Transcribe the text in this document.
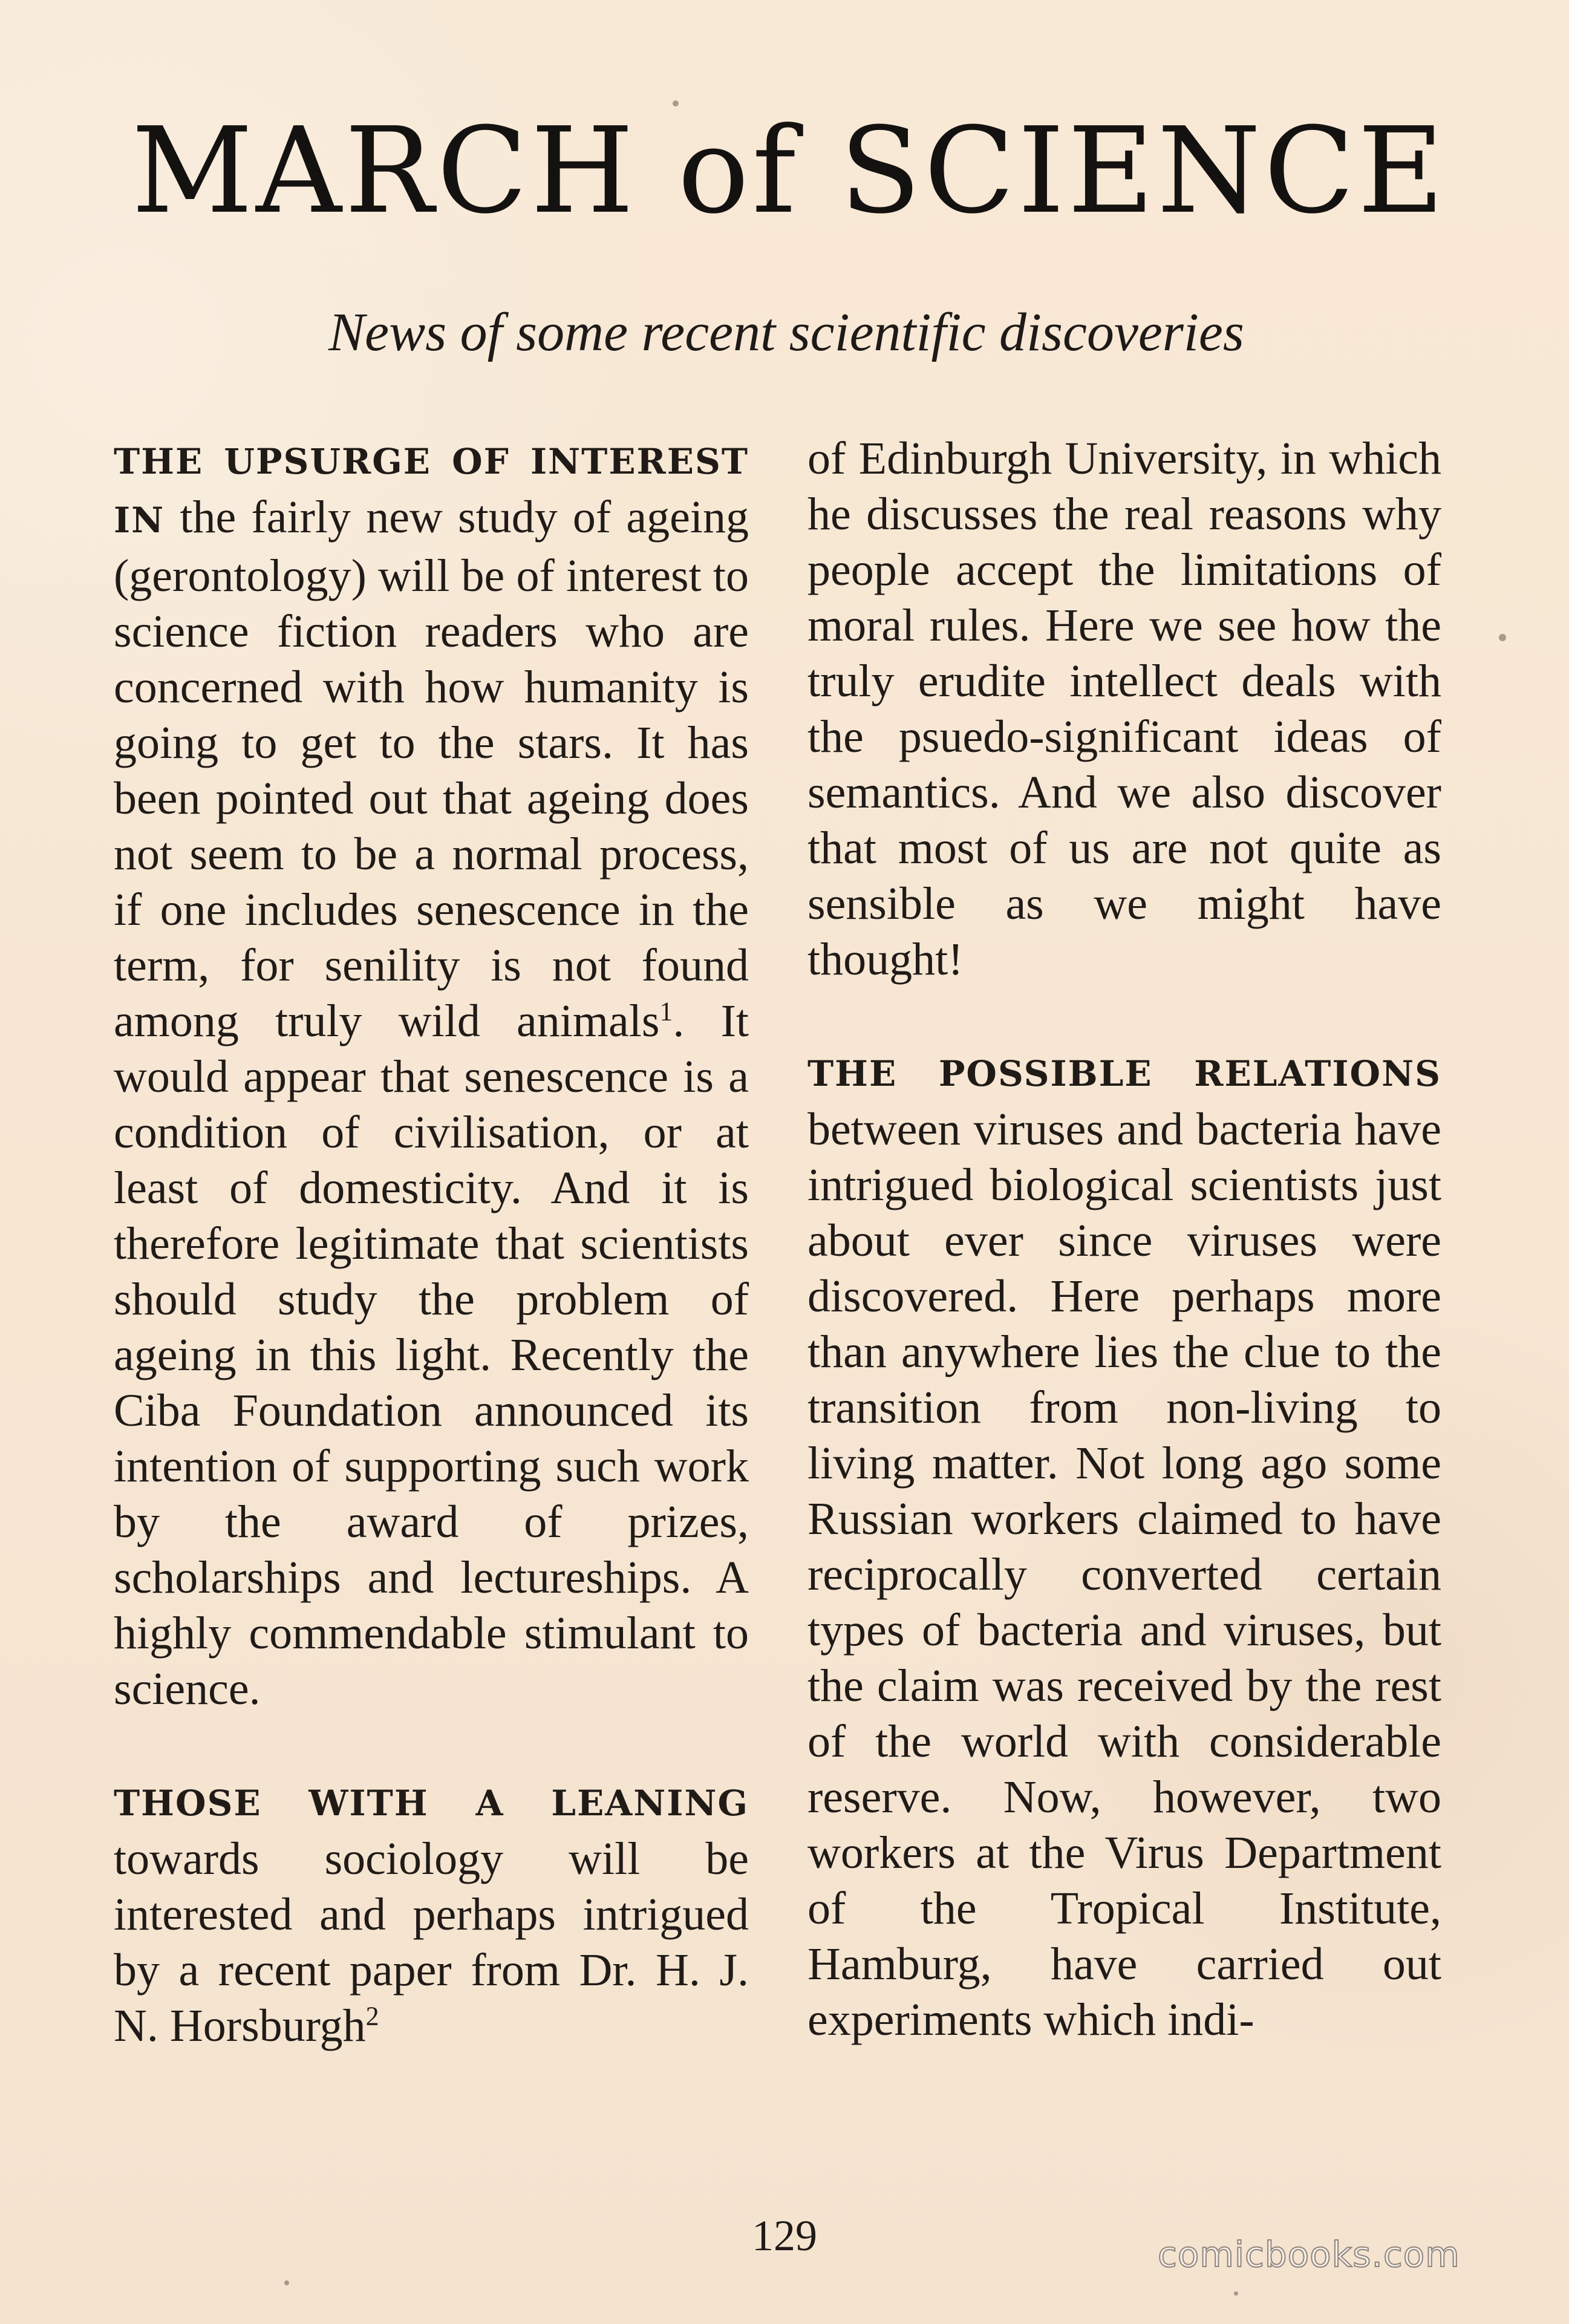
MARCH of SCIENCE
News of some recent scientific discoveries

THE UPSURGE OF INTEREST IN the fairly new study of ageing (gerontology) will be of interest to science fiction readers who are concerned with how humanity is going to get to the stars. It has been pointed out that ageing does not seem to be a normal process, if one includes senescence in the term, for senility is not found among truly wild animals$^1$. It would appear that senescence is a condition of civilisation, or at least of domesticity. And it is therefore legitimate that scientists should study the problem of ageing in this light. Recently the Ciba Foundation announced its intention of supporting such work by the award of prizes, scholarships and lectureships. A highly commendable stimulant to science.

THOSE WITH A LEANING towards sociology will be interested and perhaps intrigued by a recent paper from Dr. H. J. N. Horsburgh$^2$

of Edinburgh University, in which he discusses the real reasons why people accept the limitations of moral rules. Here we see how the truly erudite intellect deals with the psuedo-significant ideas of semantics. And we also discover that most of us are not quite as sensible as we might have thought!

THE POSSIBLE RELATIONS between viruses and bacteria have intrigued biological scientists just about ever since viruses were discovered. Here perhaps more than anywhere lies the clue to the transition from non-living to living matter. Not long ago some Russian workers claimed to have reciprocally converted certain types of bacteria and viruses, but the claim was received by the rest of the world with considerable reserve. Now, however, two workers at the Virus Department of the Tropical Institute, Hamburg, have carried out experiments which indi-

129	comicbooks.com
